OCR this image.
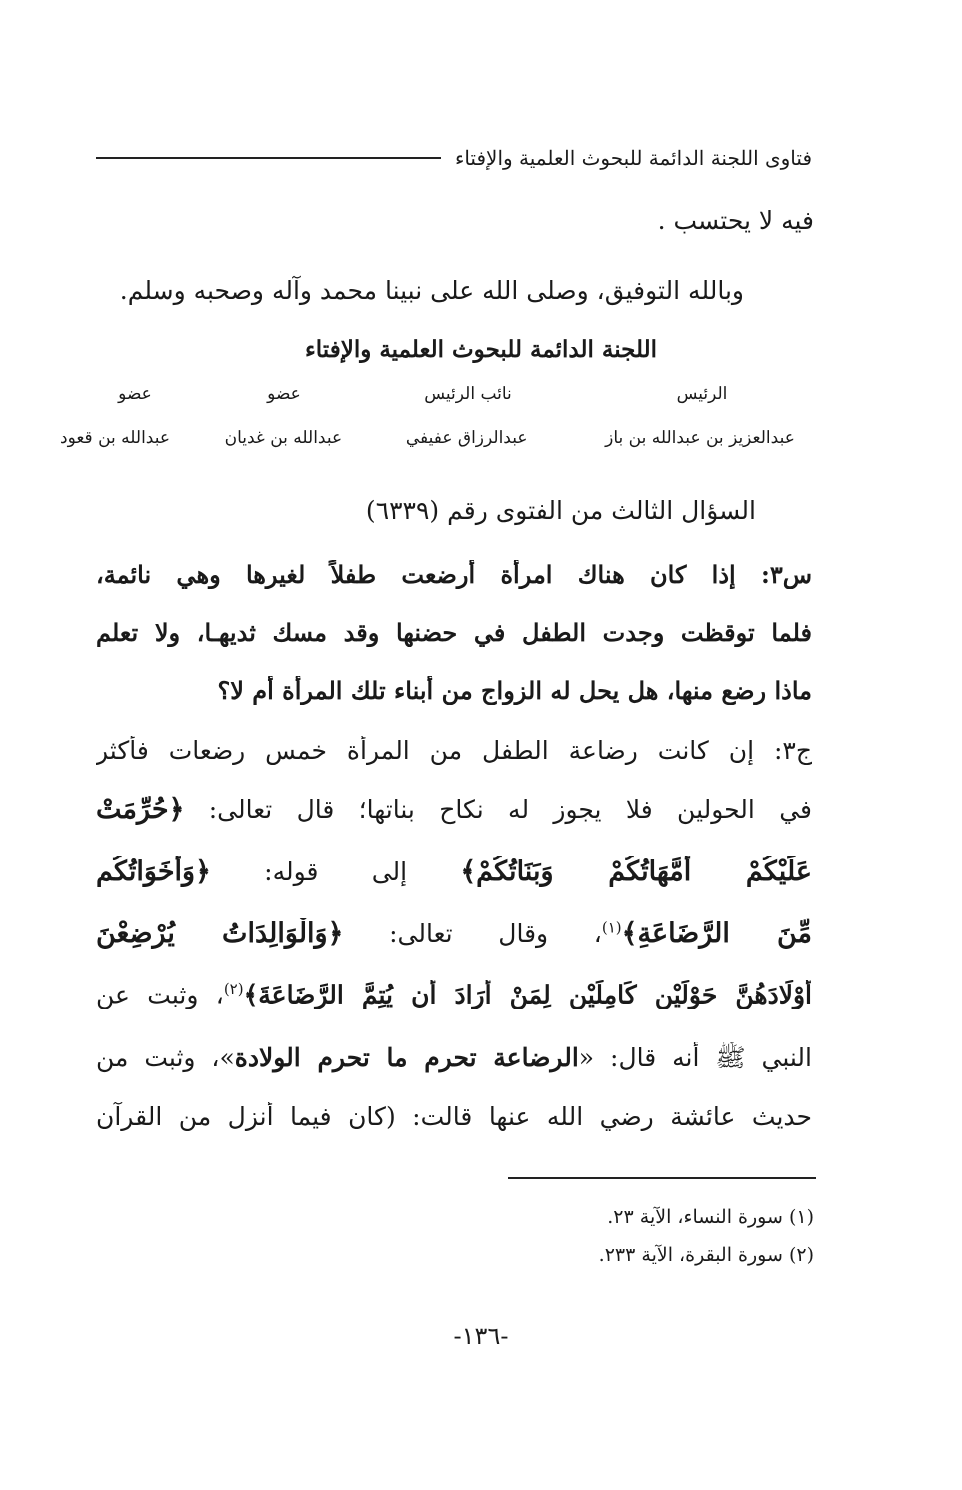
فتاوى اللجنة الدائمة للبحوث العلمية والإفتاء
فيه لا يحتسب .
وبالله التوفيق، وصلى الله على نبينا محمد وآله وصحبه وسلم.
اللجنة الدائمة للبحوث العلمية والإفتاء
عضو	عضو	نائب الرئيس	الرئيس
عبدالله بن قعود	عبدالله بن غديان	عبدالرزاق عفيفي	عبدالعزيز بن عبدالله بن باز
السؤال الثالث من الفتوى رقم (٦٣٣٩)
س٣: إذا كان هناك امرأة أرضعت طفلاً لغيرها وهي نائمة،
فلما توقظت وجدت الطفل في حضنها وقد مسك ثديهـا، ولا تعلم
ماذا رضع منها، هل يحل له الزواج من أبناء تلك المرأة أم لا؟
ج٣: إن كانت رضاعة الطفل من المرأة خمس رضعات فأكثر
في الحولين فلا يجوز له نكاح بناتها؛ قال تعالى: ﴿حُرِّمَتْ
عَلَيْكُمْ أُمَّهَاتُكُمْ وَبَنَاتُكُمْ﴾ إلى قوله: ﴿وَأَخَوَاتُكُم
مِّنَ الرَّضَاعَةِ﴾$^{(١)}$، وقال تعالى: ﴿وَالْوَالِدَاتُ يُرْضِعْنَ
أَوْلَادَهُنَّ حَوْلَيْنِ كَامِلَيْنِ لِمَنْ أَرَادَ أَن يُتِمَّ الرَّضَاعَةَ﴾$^{(٢)}$، وثبت عن
النبي ﷺ أنه قال: «الرضاعة تحرم ما تحرم الولادة»، وثبت من
حديث عائشة رضي الله عنها قالت: (كان فيما أنزل من القرآن
(١) سورة النساء، الآية ٢٣.
(٢) سورة البقرة، الآية ٢٣٣.
-١٣٦-
